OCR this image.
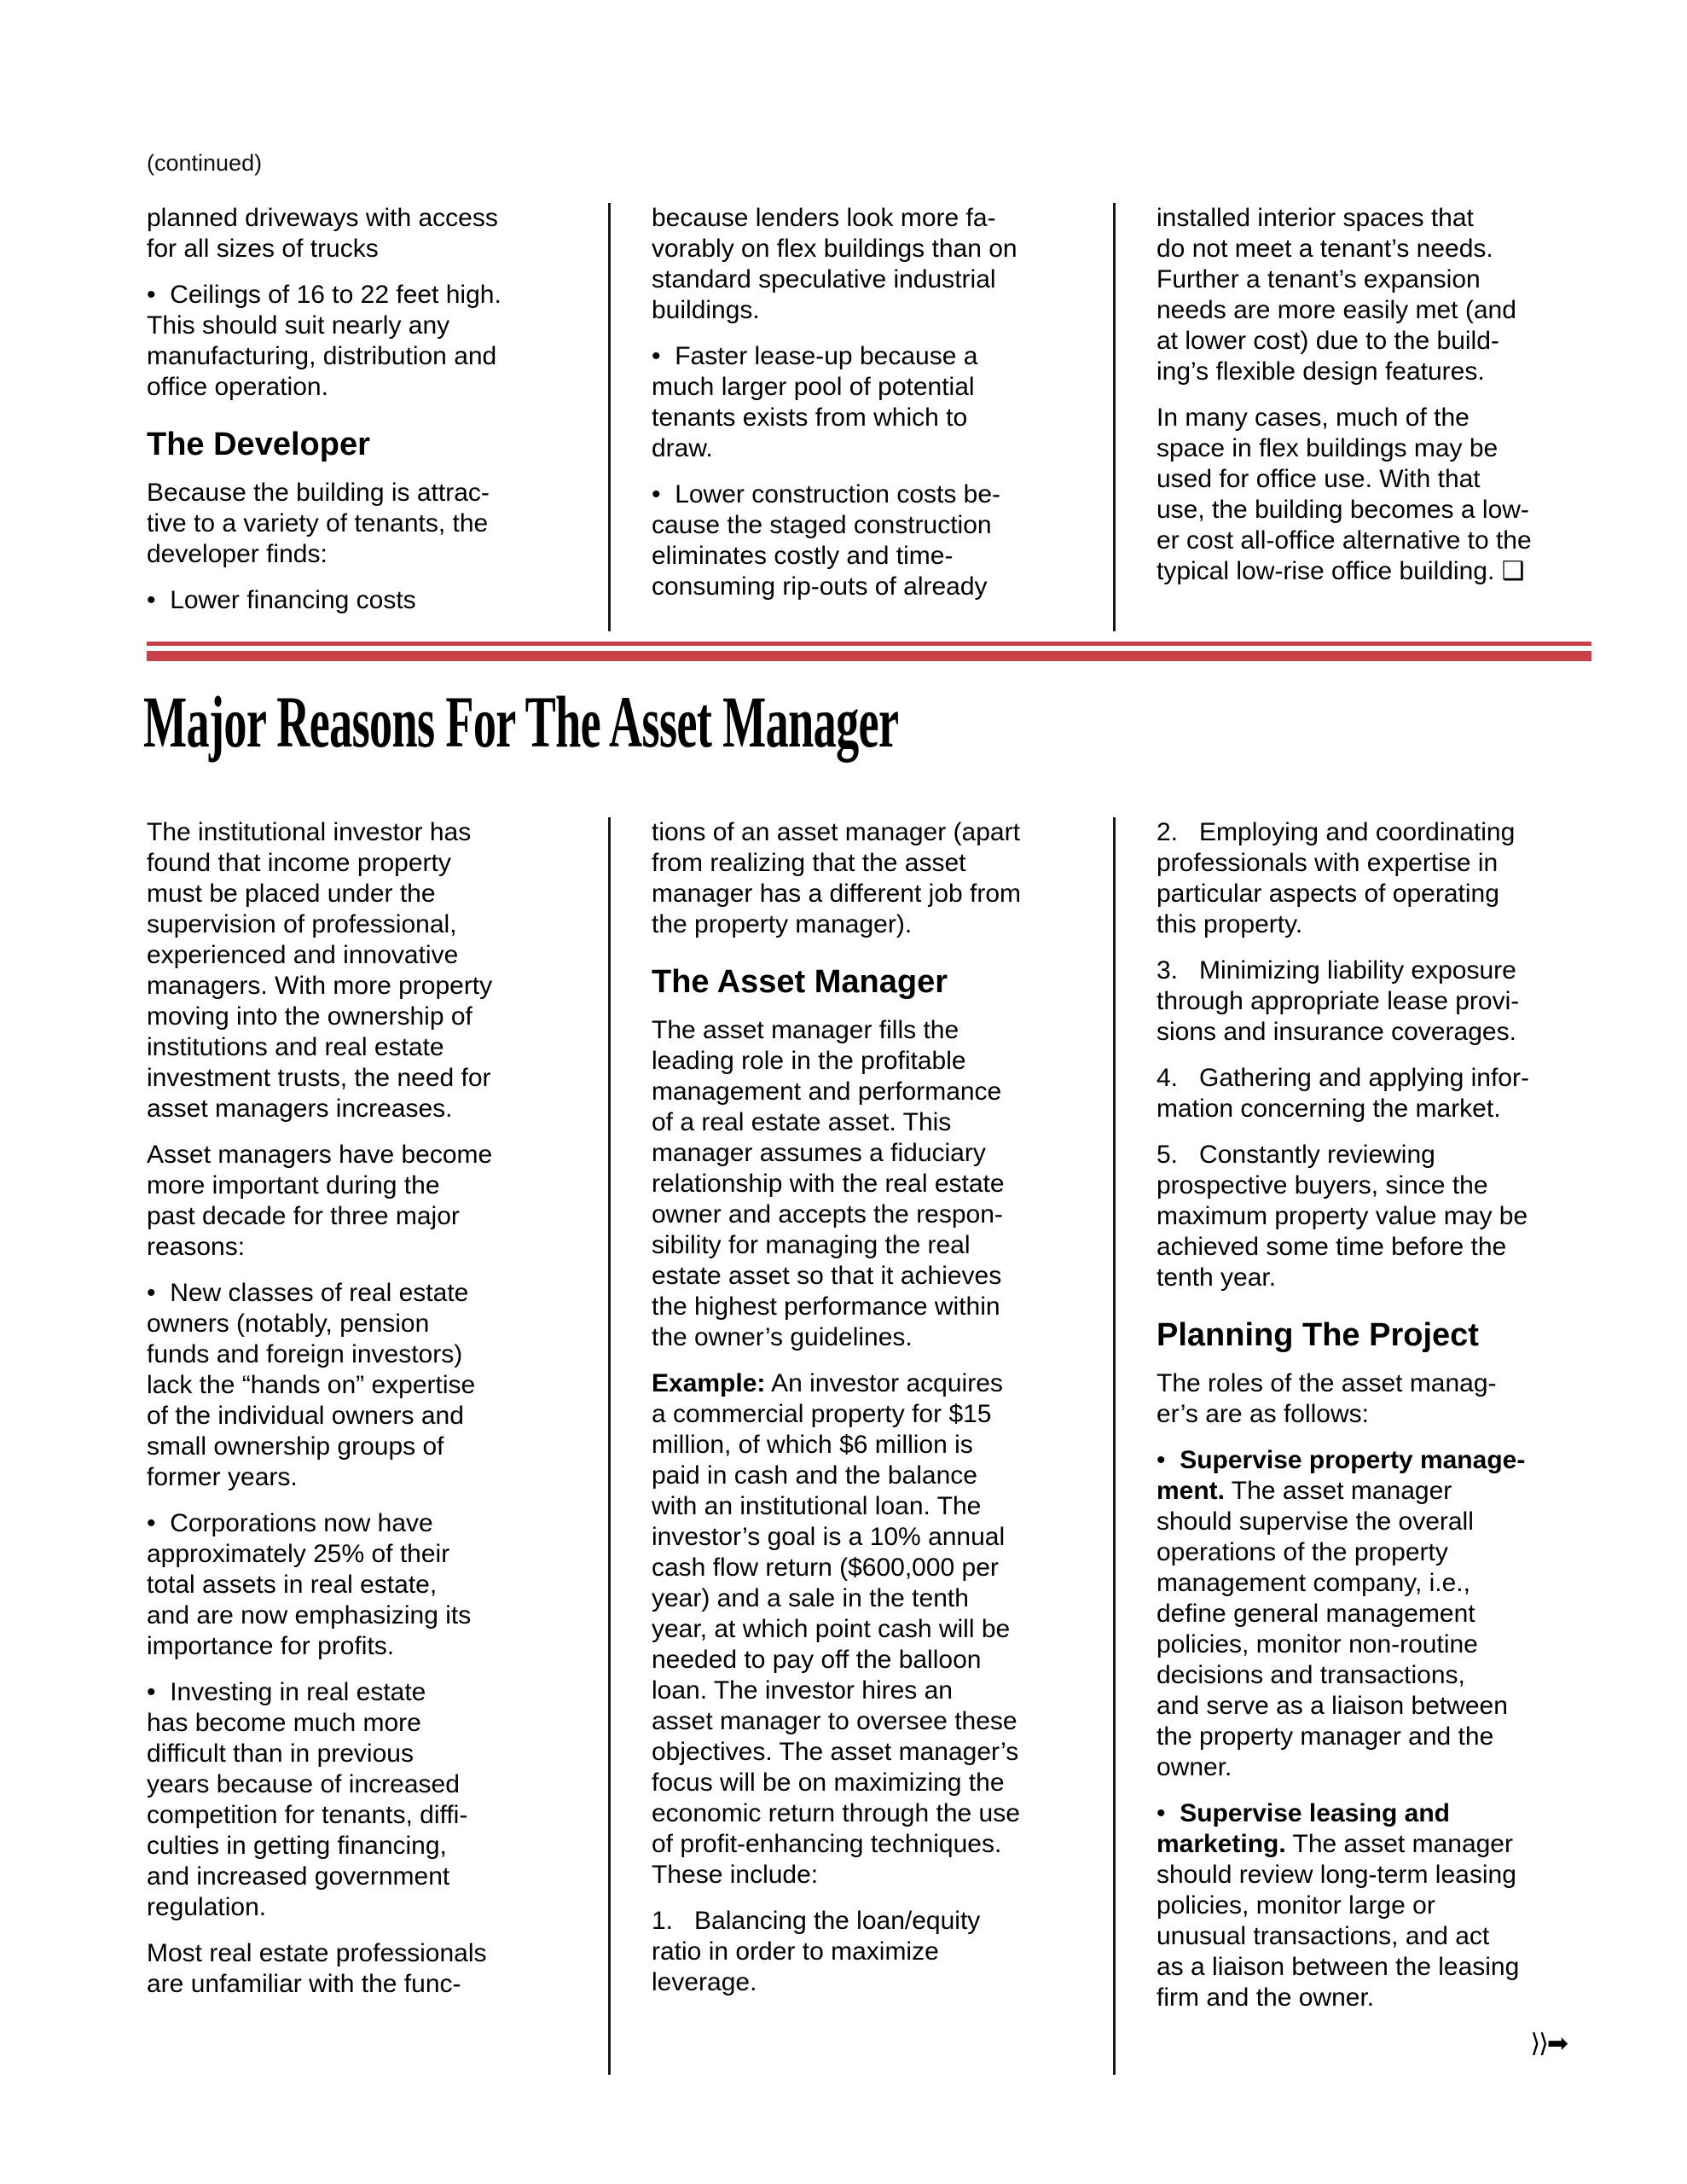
(continued)

planned driveways with access
for all sizes of trucks

•  Ceilings of 16 to 22 feet high.
This should suit nearly any
manufacturing, distribution and
office operation.

The Developer

Because the building is attrac-
tive to a variety of tenants, the
developer finds:

•  Lower financing costs

because lenders look more fa-
vorably on flex buildings than on
standard speculative industrial
buildings.

•  Faster lease-up because a
much larger pool of potential
tenants exists from which to
draw.

•  Lower construction costs be-
cause the staged construction
eliminates costly and time-
consuming rip-outs of already

installed interior spaces that
do not meet a tenant’s needs.
Further a tenant’s expansion
needs are more easily met (and
at lower cost) due to the build-
ing’s flexible design features.

In many cases, much of the
space in flex buildings may be
used for office use. With that
use, the building becomes a low-
er cost all-office alternative to the
typical low-rise office building. ❑

Major Reasons For The Asset Manager

The institutional investor has
found that income property
must be placed under the
supervision of professional,
experienced and innovative
managers. With more property
moving into the ownership of
institutions and real estate
investment trusts, the need for
asset managers increases.

Asset managers have become
more important during the
past decade for three major
reasons:

•  New classes of real estate
owners (notably, pension
funds and foreign investors)
lack the “hands on” expertise
of the individual owners and
small ownership groups of
former years.

•  Corporations now have
approximately 25% of their
total assets in real estate,
and are now emphasizing its
importance for profits.

•  Investing in real estate
has become much more
difficult than in previous
years because of increased
competition for tenants, diffi-
culties in getting financing,
and increased government
regulation.

Most real estate professionals
are unfamiliar with the func-

tions of an asset manager (apart
from realizing that the asset
manager has a different job from
the property manager).

The Asset Manager

The asset manager fills the
leading role in the profitable
management and performance
of a real estate asset. This
manager assumes a fiduciary
relationship with the real estate
owner and accepts the respon-
sibility for managing the real
estate asset so that it achieves
the highest performance within
the owner’s guidelines.

Example: An investor acquires
a commercial property for $15
million, of which $6 million is
paid in cash and the balance
with an institutional loan. The
investor’s goal is a 10% annual
cash flow return ($600,000 per
year) and a sale in the tenth
year, at which point cash will be
needed to pay off the balloon
loan. The investor hires an
asset manager to oversee these
objectives. The asset manager’s
focus will be on maximizing the
economic return through the use
of profit-enhancing techniques.
These include:

1.   Balancing the loan/equity
ratio in order to maximize
leverage.

2.   Employing and coordinating
professionals with expertise in
particular aspects of operating
this property.

3.   Minimizing liability exposure
through appropriate lease provi-
sions and insurance coverages.

4.   Gathering and applying infor-
mation concerning the market.

5.   Constantly reviewing
prospective buyers, since the
maximum property value may be
achieved some time before the
tenth year.

Planning The Project

The roles of the asset manag-
er’s are as follows:

•  Supervise property manage-
ment. The asset manager
should supervise the overall
operations of the property
management company, i.e.,
define general management
policies, monitor non-routine
decisions and transactions,
and serve as a liaison between
the property manager and the
owner.

•  Supervise leasing and
marketing. The asset manager
should review long-term leasing
policies, monitor large or
unusual transactions, and act
as a liaison between the leasing
firm and the owner.

⟩⟩➡
